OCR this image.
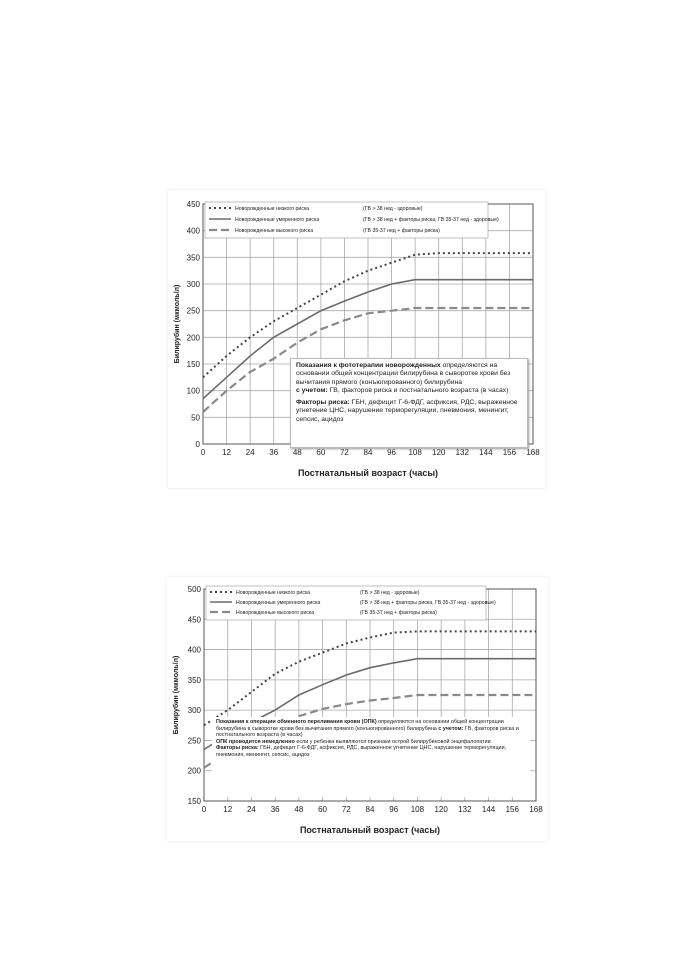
0
50
100
150
200
250
300
350
400
450
0 12 24 36 48 60 72 84 96 108 120 132 144 156 168
Постнатальный возраст (часы)
Билирубин (мкмоль/л)
Новорожденные низкого риска	(ГВ > 38 нед - здоровые)
Новорожденные умеренного риска	(ГВ > 38 нед + факторы риска, ГВ 35-37 нед - здоровые)
Новорожденные высокого риска	(ГВ 35-37 нед + факторы риска)

Показания к фототерапии новорожденных определяются на основании общей концентрации билирубина в сыворотке крови без вычитания прямого (конъюгированного) билирубина

с учетом: ГВ, факторов риска и постнатального возраста (в часах)

Факторы риска: ГБН, дефицит Г-6-ФДГ, асфиксия, РДС, выраженное угнетение ЦНС, нарушение терморегуляции, пневмония, менингит, сепсис, ацидоз

150
200
250
300
350
400
450
500
0 12 24 36 48 60 72 84 96 108 120 132 144 156 168
Постнатальный возраст (часы)
Билирубин (мкмоль/л)
Новорожденные низкого риска	(ГВ > 38 нед - здоровые)
Новорожденные умеренного риска	(ГВ > 38 нед + факторы риска, ГВ 35-37 нед - здоровые)
Новорожденные высокого риска	(ГВ 35-37 нед + факторы риска)

Показания к операции обменного переливания крови (ОПК) определяются на основании общей концентрации билирубина в сыворотке крови без вычитания прямого (конъюгированного) билирубина с учетом: ГВ, факторов риска и постнатального возраста (в часах)

ОПК проводится немедленно если у ребенка выявляются признаки острой билирубиновой энцефалопатии

Факторы риска: ГБН, дефицит Г-6-ФДГ, асфиксия, РДС, выраженное угнетение ЦНС, нарушение терморегуляции, пневмония, менингит, сепсис, ацидоз
